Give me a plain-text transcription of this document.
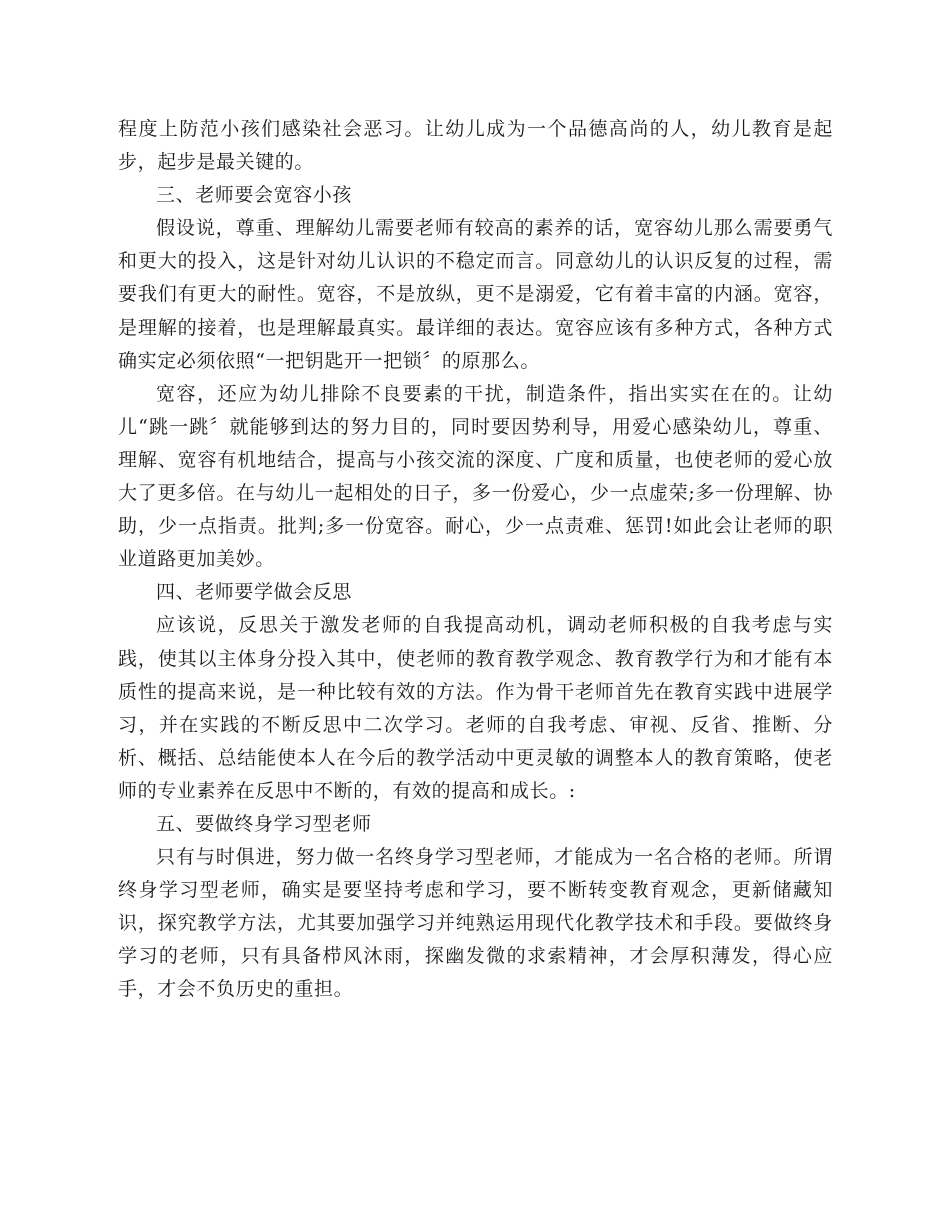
程度上防范小孩们感染社会恶习。让幼儿成为一个品德高尚的人，幼儿教育是起步，起步是最关键的。

三、老师要会宽容小孩

假设说，尊重、理解幼儿需要老师有较高的素养的话，宽容幼儿那么需要勇气和更大的投入，这是针对幼儿认识的不稳定而言。同意幼儿的认识反复的过程，需要我们有更大的耐性。宽容，不是放纵，更不是溺爱，它有着丰富的内涵。宽容，是理解的接着，也是理解最真实。最详细的表达。宽容应该有多种方式，各种方式确实定必须依照“一把钥匙开一把锁〞的原那么。

宽容，还应为幼儿排除不良要素的干扰，制造条件，指出实实在在的。让幼儿“跳一跳〞就能够到达的努力目的，同时要因势利导，用爱心感染幼儿，尊重、理解、宽容有机地结合，提高与小孩交流的深度、广度和质量，也使老师的爱心放大了更多倍。在与幼儿一起相处的日子，多一份爱心，少一点虚荣;多一份理解、协助，少一点指责。批判;多一份宽容。耐心，少一点责难、惩罚!如此会让老师的职业道路更加美妙。

四、老师要学做会反思

应该说，反思关于激发老师的自我提高动机，调动老师积极的自我考虑与实践，使其以主体身分投入其中，使老师的教育教学观念、教育教学行为和才能有本质性的提高来说，是一种比较有效的方法。作为骨干老师首先在教育实践中进展学习，并在实践的不断反思中二次学习。老师的自我考虑、审视、反省、推断、分析、概括、总结能使本人在今后的教学活动中更灵敏的调整本人的教育策略，使老师的专业素养在反思中不断的，有效的提高和成长。:

五、要做终身学习型老师

只有与时俱进，努力做一名终身学习型老师，才能成为一名合格的老师。所谓终身学习型老师，确实是要坚持考虑和学习，要不断转变教育观念，更新储藏知识，探究教学方法，尤其要加强学习并纯熟运用现代化教学技术和手段。要做终身学习的老师，只有具备栉风沐雨，探幽发微的求索精神，才会厚积薄发，得心应手，才会不负历史的重担。
